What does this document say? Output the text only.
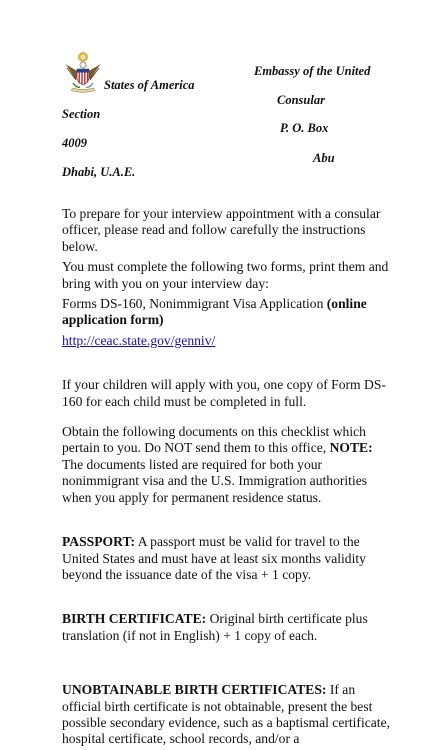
Embassy of the United
States of America
Consular
Section
P. O. Box
4009
Abu
Dhabi, U.A.E.

To prepare for your interview appointment with a consular officer, please read and follow carefully the instructions below.

You must complete the following two forms, print them and bring with you on your interview day:

Forms DS-160, Nonimmigrant Visa Application (online application form)

http://ceac.state.gov/genniv/

If your children will apply with you, one copy of Form DS-160 for each child must be completed in full.

Obtain the following documents on this checklist which pertain to you. Do NOT send them to this office, NOTE: The documents listed are required for both your nonimmigrant visa and the U.S. Immigration authorities when you apply for permanent residence status.

PASSPORT: A passport must be valid for travel to the United States and must have at least six months validity beyond the issuance date of the visa + 1 copy.

BIRTH CERTIFICATE: Original birth certificate plus translation (if not in English) + 1 copy of each.

UNOBTAINABLE BIRTH CERTIFICATES: If an official birth certificate is not obtainable, present the best possible secondary evidence, such as a baptismal certificate, hospital certificate, school records, and/or a
